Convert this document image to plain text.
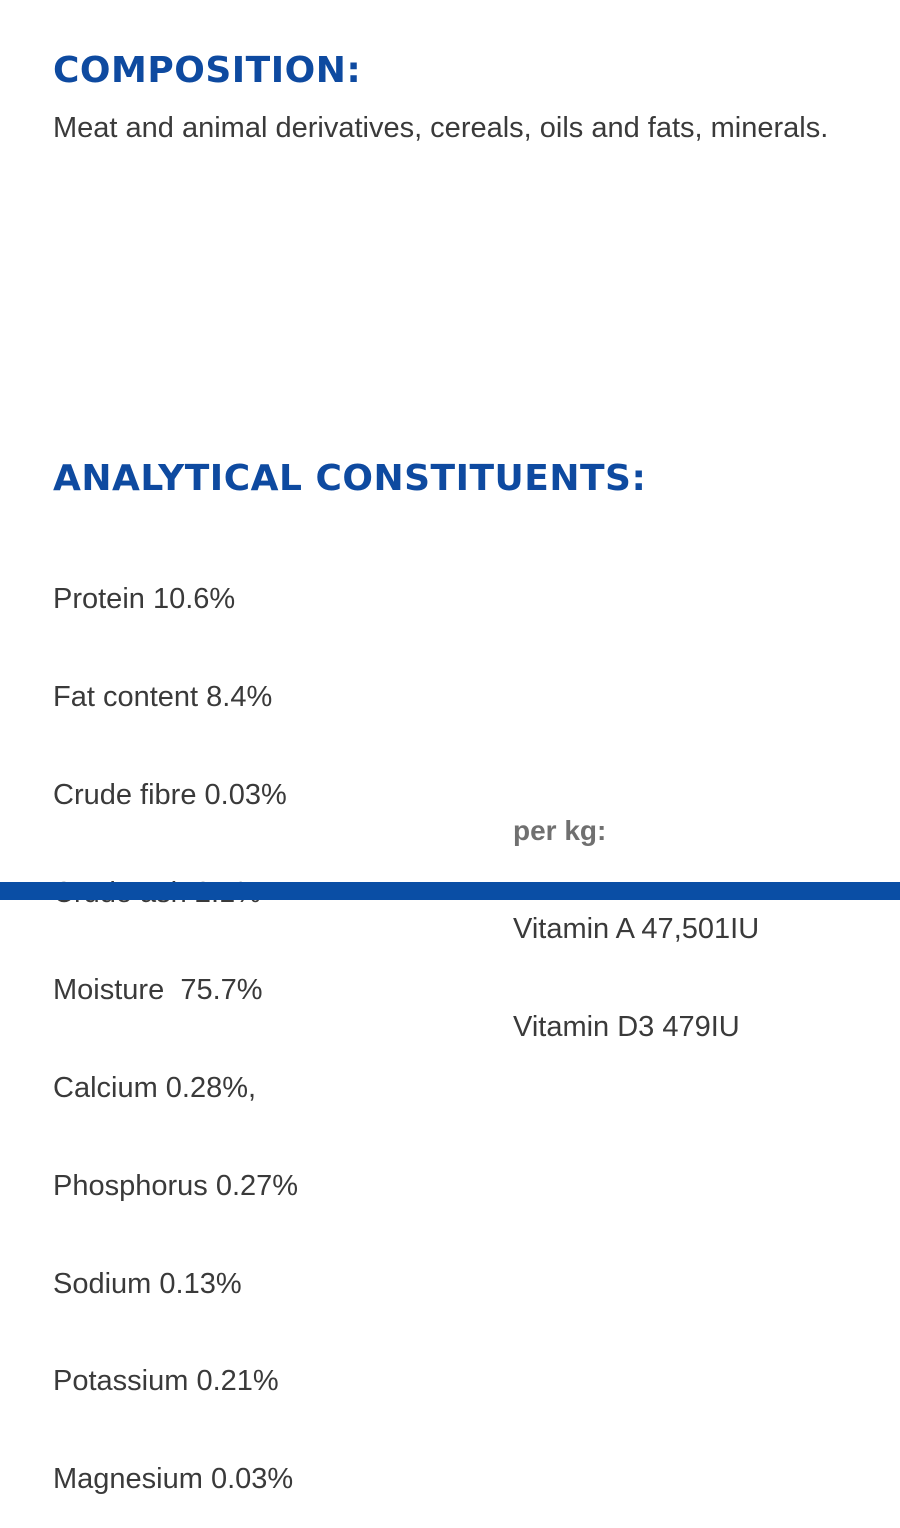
COMPOSITION:

Meat and animal derivatives, cereals, oils and fats, minerals.

ANALYTICAL CONSTITUENTS:

Protein 10.6%

Fat content 8.4%

Crude fibre 0.03%

Moisture  75.7%

Calcium 0.28%,

Phosphorus 0.27%

Sodium 0.13%

Potassium 0.21%

Magnesium 0.03%

per kg:

Vitamin A 47,501IU

Vitamin D3 479IU
